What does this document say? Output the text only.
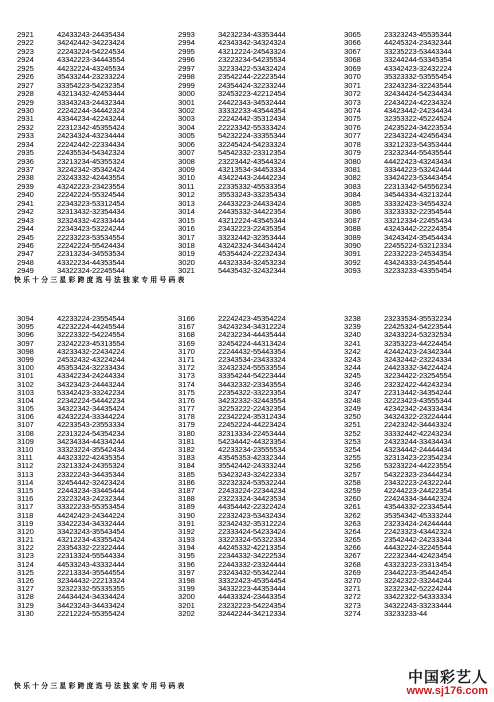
2921	42433243-24435434
2922	34242442-34223424
2923	22243224-54224534
2924	43342223-34443554
2925	44232224-43245534
2926	35433244-23233224
2927	33354223-54232354
2928	43213432-42453444
2929	33343243-24432344
2930	22242244-34442324
2931	43344234-42243244
2932	22312342-45355424
2933	24234324-43234444
2934	22242442-22334434
2935	22435534-54342324
2936	23213234-45355324
2937	32242342-35342424
2938	23243332-42443554
2939	43242223-23423554
2940	22242224-55324544
2941	22343223-53312454
2942	32313432-32354434
2943	32324332-42333444
2944	22343423-53224244
2945	22233223-53534554
2946	22242224-55424434
2947	22313234-34553534
2948	43322234-44353544
2949	34322324-22245544
2993	34232234-43353444
2994	42343342-34324324
2995	43212224-24543324
2996	23223234-54235534
2997	32233422-53432424
2998	23542244-22223544
2999	24354424-32233244
3000	32453223-42212454
3001	24422343-34532444
3002	33332233-43544354
3003	22242442-35312434
3004	22223342-55333424
3005	54232224-33355344
3006	32245424-54233324
3007	54542332-23312354
3008	23223442-43544324
3009	43213534-34453334
3010	43422443-24442234
3011	22335332-45533354
3012	35533243-33235434
3013	24433223-24433424
3014	24435332-34422354
3015	43212224-43545344
3016	23432223-22435354
3017	33232442-32353444
3018	43242324-34434424
3019	45354424-22232434
3020	44323334-32453234
3021	54435432-32432344
3065	23323243-45535344
3066	44245324-23432344
3067	33235223-53443344
3068	33244244-53345354
3069	43342423-32432224
3070	35323332-53555454
3071	23243234-32243544
3072	32434424-54234434
3073	22434224-42234324
3074	43423442-24234434
3075	32353322-45224524
3076	24235224-34223534
3077	22343224-42456434
3078	33212323-54353444
3079	23232344-55435544
3080	44422423-43243434
3081	33344223-53242444
3082	33424223-53443454
3083	22313342-54556234
3084	34544334-43213244
3085	33332423-34554324
3086	33233332-22354544
3087	33212334-22455434
3088	43243442-22224354
3089	34243424-35454434
3090	22455224-53212334
3091	22332223-24534354
3092	43424333-24354544
3093	32233233-43355454
快 乐 十 分 三 星 彩 跨 度 选 号 法 独 家 专 用 号 码 表
3094	42233224-23554544
3095	42232224-44245544
3096	32223322-54224554
3097	23242223-45313554
3098	43233432-22434224
3099	24532432-43224244
3100	45353424-32233434
3101	43342234-24244334
3102	34323423-24443244
3103	53342423-33242234
3104	22342224-54442234
3105	34322342-34435424
3106	42432224-33344224
3107	42233543-23553334
3108	22313224-54354234
3109	34234334-44334244
3110	33323224-35542434
3111	44323322-42435354
3112	23213324-24355324
3113	23322243-34435344
3114	32454442-32423424
3115	22443234-33445444
3116	23223243-24232344
3117	33322233-55353454
3118	44242423-24344224
3119	33422234-34332444
3120	33423243-35543454
3121	43212234-43355424
3122	23354332-22322444
3123	22313324-55544334
3124	44533243-43332444
3125	22213334-35544554
3126	32344432-22213324
3127	32322332-55335355
3128	24434424-34334424
3129	34423243-34433424
3130	22212224-55355424
3166	22242423-45354224
3167	34243234-34312224
3168	24232234-44435444
3169	32454224-44313424
3170	22244432-55443354
3171	22343534-23433324
3172	32432324-55533554
3173	33354244-54223444
3174	34432332-23343554
3175	22354322-33223354
3176	34232332-32443554
3177	32253222-22432354
3178	22342224-35312434
3179	22452224-44223424
3180	32313334-22453444
3181	54234442-44323354
3182	42233234-23555534
3183	43545353-42332344
3184	35542442-24333244
3185	53423243-32422334
3186	32232324-53532244
3187	22433224-22344234
3188	23223324-34423534
3189	44354442-22322424
3190	22332423-53432434
3191	32342432-35312224
3192	22333424-54233424
3193	33223324-55322334
3194	44245332-42213354
3195	22344332-34222534
3196	22443332-23324444
3197	23243432-55342244
3198	33322423-45354454
3199	34332223-44353444
3200	44433324-23443354
3201	23232223-54224354
3202	32442244-34212334
3238	23233534-35532234
3239	22425324-54223544
3240	32433224-53232534
3241	32353223-44224454
3242	42442423-24342344
3243	32432442-23224334
3244	24423332-34224424
3245	32234422-23254554
3246	23232422-44243234
3247	22313442-34354244
3248	32223423-43555344
3249	42342342-24333434
3250	34324322-23224444
3251	22423242-34443324
3252	33332442-42243234
3253	24323244-33434434
3254	43234442-24444434
3255	32313423-22354234
3256	53233224-44223554
3257	54322323-23444234
3258	23432223-24322244
3259	42244223-24422354
3260	22424334-34442324
3261	43544332-22334544
3262	35354342-45333244
3263	23233424-24244444
3264	22423323-43442324
3265	23542442-24233344
3266	44432224-32245544
3267	22232344-42423454
3268	43323223-23313454
3269	23442223-35442454
3270	32242322-33244244
3271	32322342-52224244
3272	33422322-54333334
3273	34322243-33233444
3274	33233233-44
快 乐 十 分 三 星 彩 跨 度 选 号 法 独 家 专 用 号 码 表
中国彩艺人
www.sj176.com
